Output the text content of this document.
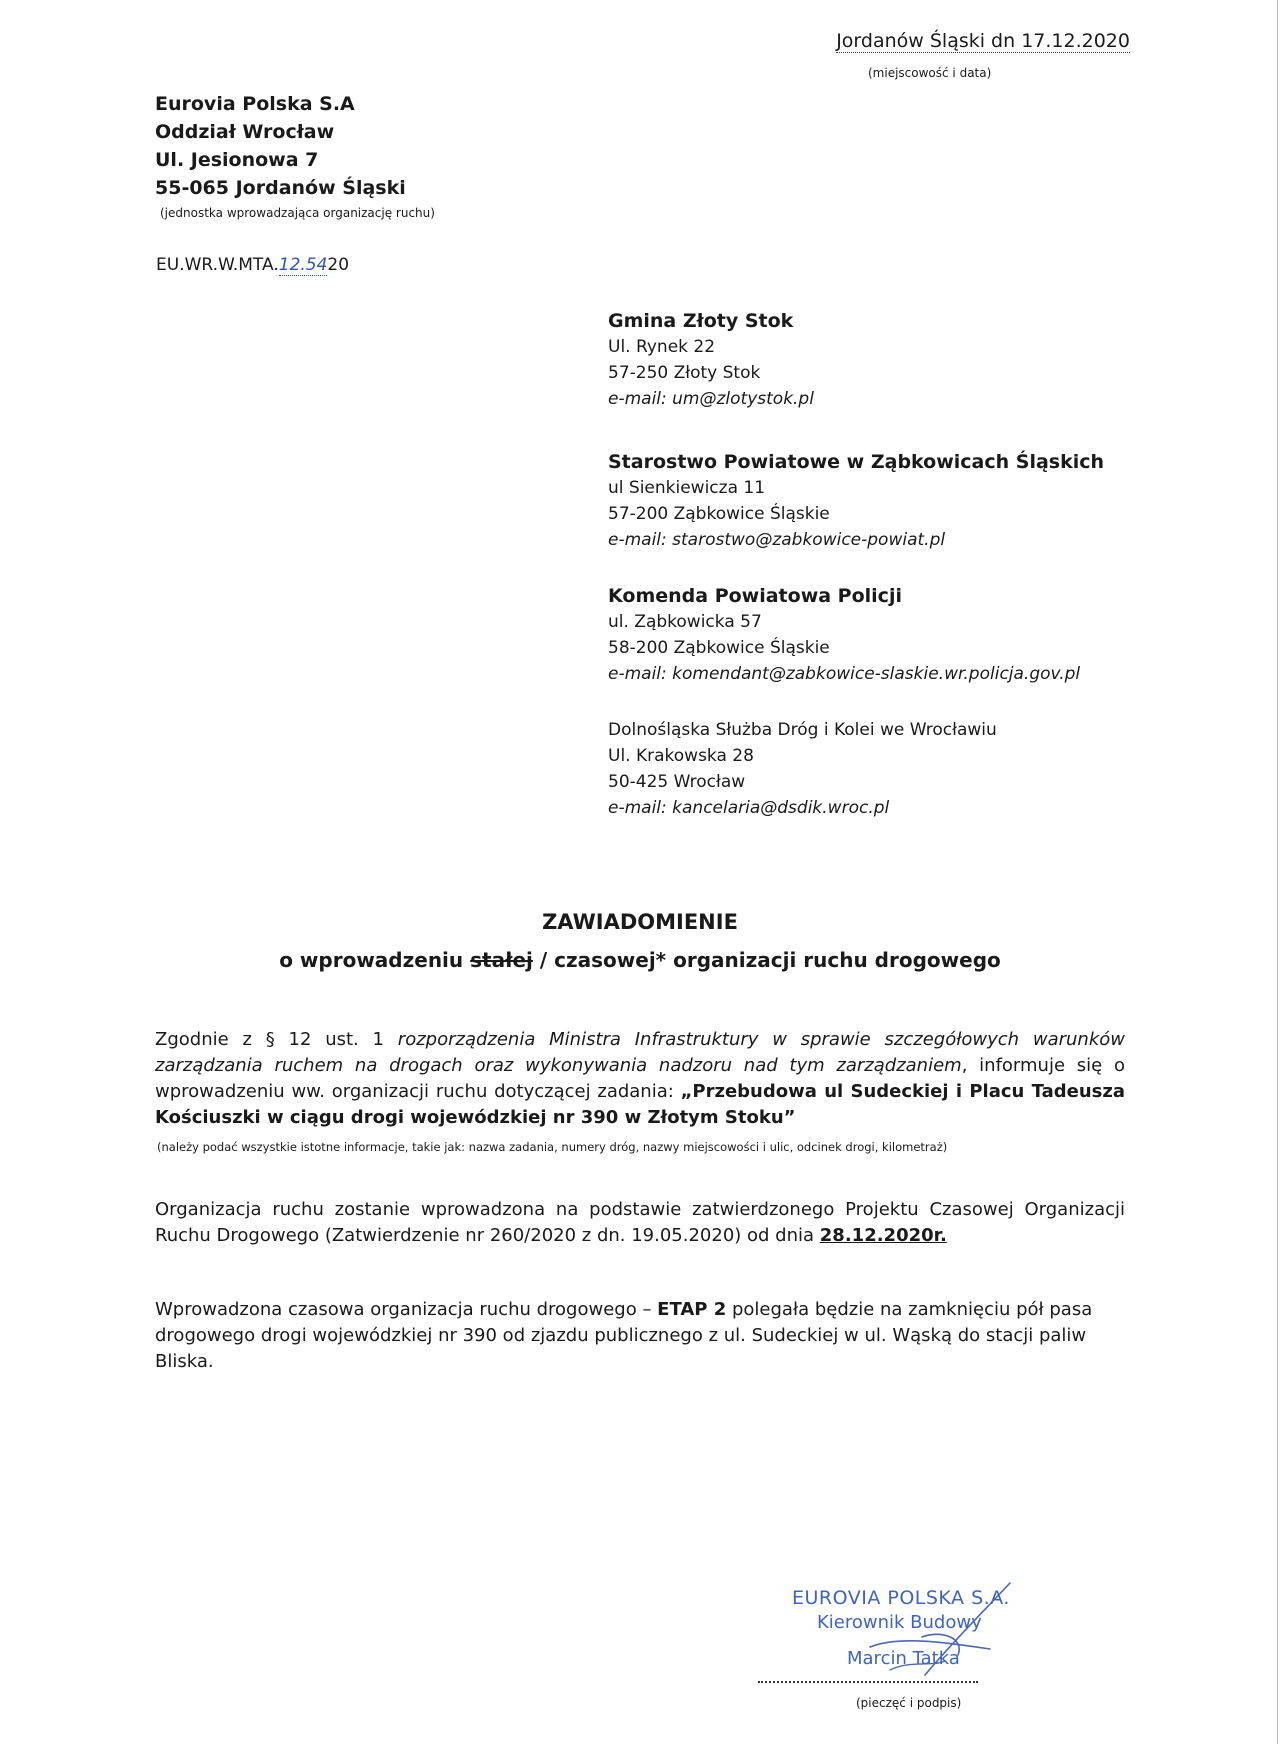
Jordanów Śląski dn 17.12.2020
(miejscowość i data)
Eurovia Polska S.A
Oddział Wrocław
Ul. Jesionowa 7
55-065 Jordanów Śląski
(jednostka wprowadzająca organizację ruchu)
EU.WR.W.MTA.12.5420
Gmina Złoty Stok
Ul. Rynek 22
57-250 Złoty Stok
e-mail: um@zlotystok.pl
Starostwo Powiatowe w Ząbkowicach Śląskich
ul Sienkiewicza 11
57-200 Ząbkowice Śląskie
e-mail: starostwo@zabkowice-powiat.pl
Komenda Powiatowa Policji
ul. Ząbkowicka 57
58-200 Ząbkowice Śląskie
e-mail: komendant@zabkowice-slaskie.wr.policja.gov.pl
Dolnośląska Służba Dróg i Kolei we Wrocławiu
Ul. Krakowska 28
50-425 Wrocław
e-mail: kancelaria@dsdik.wroc.pl
ZAWIADOMIENIE
o wprowadzeniu stałej / czasowej* organizacji ruchu drogowego
Zgodnie z § 12 ust. 1 rozporządzenia Ministra Infrastruktury w sprawie szczegółowych warunków zarządzania ruchem na drogach oraz wykonywania nadzoru nad tym zarządzaniem, informuje się o wprowadzeniu ww. organizacji ruchu dotyczącej zadania: „Przebudowa ul Sudeckiej i Placu Tadeusza Kościuszki w ciągu drogi wojewódzkiej nr 390 w Złotym Stoku”
(należy podać wszystkie istotne informacje, takie jak: nazwa zadania, numery dróg, nazwy miejscowości i ulic, odcinek drogi, kilometraż)
Organizacja ruchu zostanie wprowadzona na podstawie zatwierdzonego Projektu Czasowej Organizacji Ruchu Drogowego (Zatwierdzenie nr 260/2020 z dn. 19.05.2020) od dnia 28.12.2020r.
Wprowadzona czasowa organizacja ruchu drogowego – ETAP 2 polegała będzie na zamknięciu pół pasa drogowego drogi wojewódzkiej nr 390 od zjazdu publicznego z ul. Sudeckiej w ul. Wąską do stacji paliw Bliska.
EUROVIA POLSKA S.A.
Kierownik Budowy
Marcin Tatka
(pieczęć i podpis)
